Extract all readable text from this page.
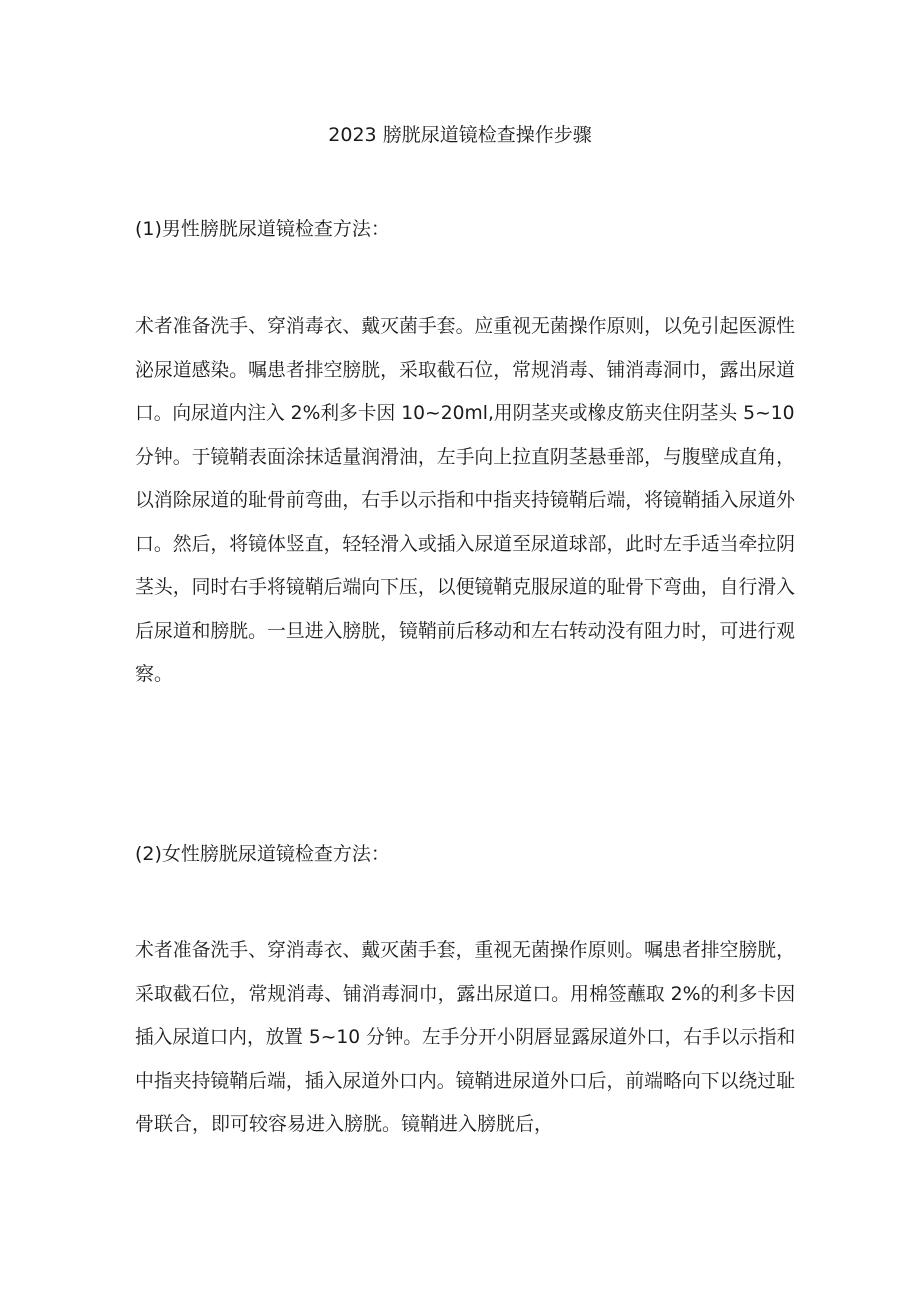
2023 膀胱尿道镜检查操作步骤
(1)男性膀胱尿道镜检查方法：

术者准备洗手、穿消毒衣、戴灭菌手套。应重视无菌操作原则，以免引起医源性
泌尿道感染。嘱患者排空膀胱，采取截石位，常规消毒、铺消毒洞巾，露出尿道
口。向尿道内注入 2%利多卡因 10~20ml,用阴茎夹或橡皮筋夹住阴茎头 5~10
分钟。于镜鞘表面涂抹适量润滑油，左手向上拉直阴茎悬垂部，与腹壁成直角，
以消除尿道的耻骨前弯曲，右手以示指和中指夹持镜鞘后端，将镜鞘插入尿道外
口。然后，将镜体竖直，轻轻滑入或插入尿道至尿道球部，此时左手适当牵拉阴
茎头，同时右手将镜鞘后端向下压，以便镜鞘克服尿道的耻骨下弯曲，自行滑入
后尿道和膀胱。一旦进入膀胱，镜鞘前后移动和左右转动没有阻力时，可进行观
察。

(2)女性膀胱尿道镜检查方法：

术者准备洗手、穿消毒衣、戴灭菌手套，重视无菌操作原则。嘱患者排空膀胱，
采取截石位，常规消毒、铺消毒洞巾，露出尿道口。用棉签蘸取 2%的利多卡因
插入尿道口内，放置 5~10 分钟。左手分开小阴唇显露尿道外口，右手以示指和
中指夹持镜鞘后端，插入尿道外口内。镜鞘进尿道外口后，前端略向下以绕过耻
骨联合，即可较容易进入膀胱。镜鞘进入膀胱后，
